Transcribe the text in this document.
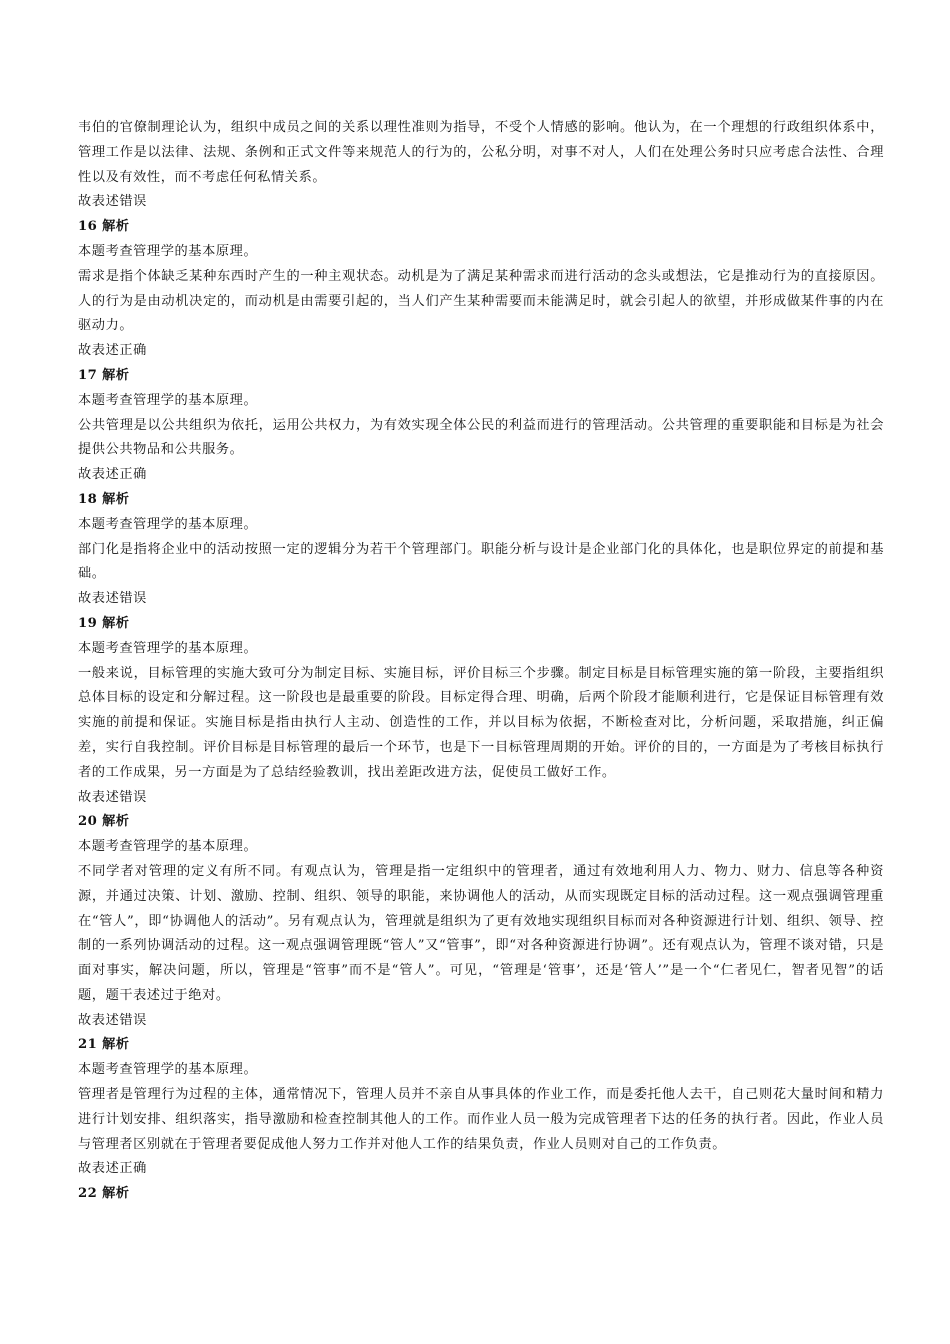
韦伯的官僚制理论认为，组织中成员之间的关系以理性准则为指导，不受个人情感的影响。他认为，在一个理想的行政组织体系中，管理工作是以法律、法规、条例和正式文件等来规范人的行为的，公私分明，对事不对人，人们在处理公务时只应考虑合法性、合理性以及有效性，而不考虑任何私情关系。

故表述错误

16 解析

本题考查管理学的基本原理。

需求是指个体缺乏某种东西时产生的一种主观状态。动机是为了满足某种需求而进行活动的念头或想法，它是推动行为的直接原因。人的行为是由动机决定的，而动机是由需要引起的，当人们产生某种需要而未能满足时，就会引起人的欲望，并形成做某件事的内在驱动力。

故表述正确

17 解析

本题考查管理学的基本原理。

公共管理是以公共组织为依托，运用公共权力，为有效实现全体公民的利益而进行的管理活动。公共管理的重要职能和目标是为社会提供公共物品和公共服务。

故表述正确

18 解析

本题考查管理学的基本原理。

部门化是指将企业中的活动按照一定的逻辑分为若干个管理部门。职能分析与设计是企业部门化的具体化，也是职位界定的前提和基础。

故表述错误

19 解析

本题考查管理学的基本原理。

一般来说，目标管理的实施大致可分为制定目标、实施目标，评价目标三个步骤。制定目标是目标管理实施的第一阶段，主要指组织总体目标的设定和分解过程。这一阶段也是最重要的阶段。目标定得合理、明确，后两个阶段才能顺利进行，它是保证目标管理有效实施的前提和保证。实施目标是指由执行人主动、创造性的工作，并以目标为依据，不断检查对比，分析问题，采取措施，纠正偏差，实行自我控制。评价目标是目标管理的最后一个环节，也是下一目标管理周期的开始。评价的目的，一方面是为了考核目标执行者的工作成果，另一方面是为了总结经验教训，找出差距改进方法，促使员工做好工作。

故表述错误

20 解析

本题考查管理学的基本原理。

不同学者对管理的定义有所不同。有观点认为，管理是指一定组织中的管理者，通过有效地利用人力、物力、财力、信息等各种资源，并通过决策、计划、激励、控制、组织、领导的职能，来协调他人的活动，从而实现既定目标的活动过程。这一观点强调管理重在“管人”，即“协调他人的活动”。另有观点认为，管理就是组织为了更有效地实现组织目标而对各种资源进行计划、组织、领导、控制的一系列协调活动的过程。这一观点强调管理既“管人”又“管事”，即“对各种资源进行协调”。还有观点认为，管理不谈对错，只是面对事实，解决问题，所以，管理是“管事”而不是“管人”。可见，“管理是‘管事’，还是‘管人’”是一个“仁者见仁，智者见智”的话题，题干表述过于绝对。

故表述错误

21 解析

本题考查管理学的基本原理。

管理者是管理行为过程的主体，通常情况下，管理人员并不亲自从事具体的作业工作，而是委托他人去干，自己则花大量时间和精力进行计划安排、组织落实，指导激励和检查控制其他人的工作。而作业人员一般为完成管理者下达的任务的执行者。因此，作业人员与管理者区别就在于管理者要促成他人努力工作并对他人工作的结果负责，作业人员则对自己的工作负责。

故表述正确

22 解析
